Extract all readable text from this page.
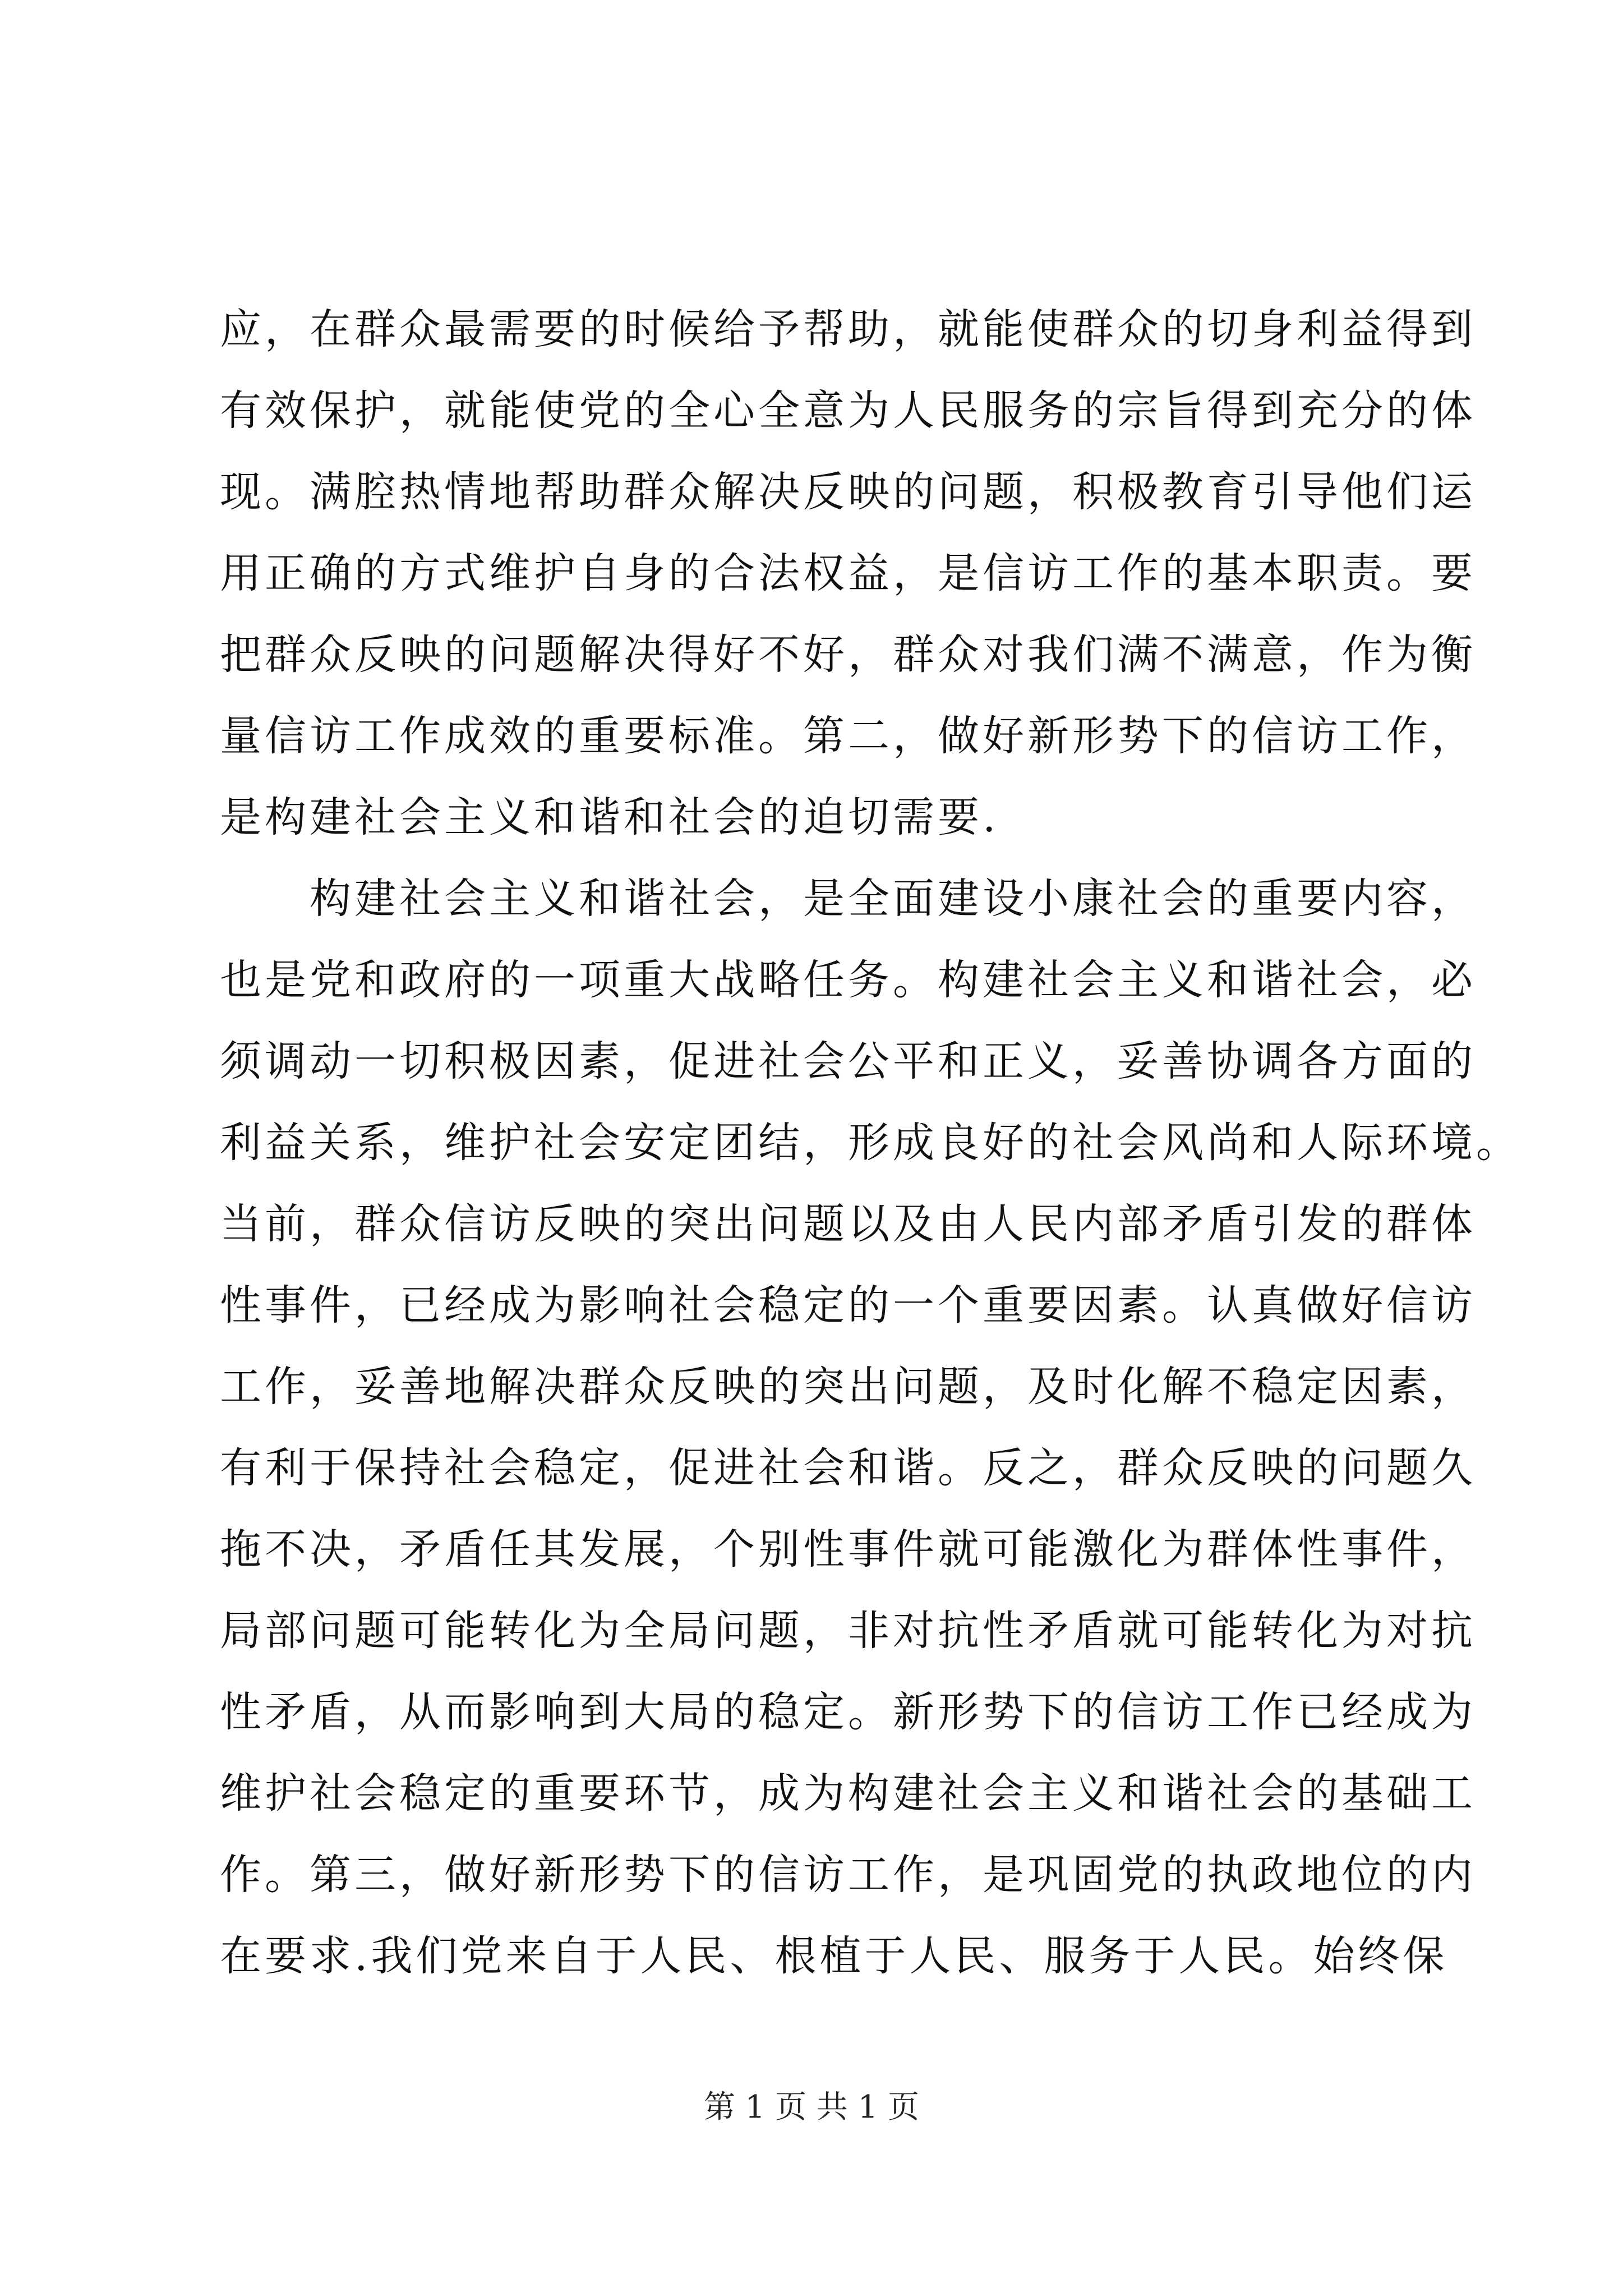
应，在群众最需要的时候给予帮助，就能使群众的切身利益得到
有效保护，就能使党的全心全意为人民服务的宗旨得到充分的体
现。满腔热情地帮助群众解决反映的问题，积极教育引导他们运
用正确的方式维护自身的合法权益，是信访工作的基本职责。要
把群众反映的问题解决得好不好，群众对我们满不满意，作为衡
量信访工作成效的重要标准。第二，做好新形势下的信访工作，
是构建社会主义和谐和社会的迫切需要.
构建社会主义和谐社会，是全面建设小康社会的重要内容，
也是党和政府的一项重大战略任务。构建社会主义和谐社会，必
须调动一切积极因素，促进社会公平和正义，妥善协调各方面的
利益关系，维护社会安定团结，形成良好的社会风尚和人际环境。
当前，群众信访反映的突出问题以及由人民内部矛盾引发的群体
性事件，已经成为影响社会稳定的一个重要因素。认真做好信访
工作，妥善地解决群众反映的突出问题，及时化解不稳定因素，
有利于保持社会稳定，促进社会和谐。反之，群众反映的问题久
拖不决，矛盾任其发展，个别性事件就可能激化为群体性事件，
局部问题可能转化为全局问题，非对抗性矛盾就可能转化为对抗
性矛盾，从而影响到大局的稳定。新形势下的信访工作已经成为
维护社会稳定的重要环节，成为构建社会主义和谐社会的基础工
作。第三，做好新形势下的信访工作，是巩固党的执政地位的内
在要求.我们党来自于人民、根植于人民、服务于人民。始终保
第 1 页 共 1 页
